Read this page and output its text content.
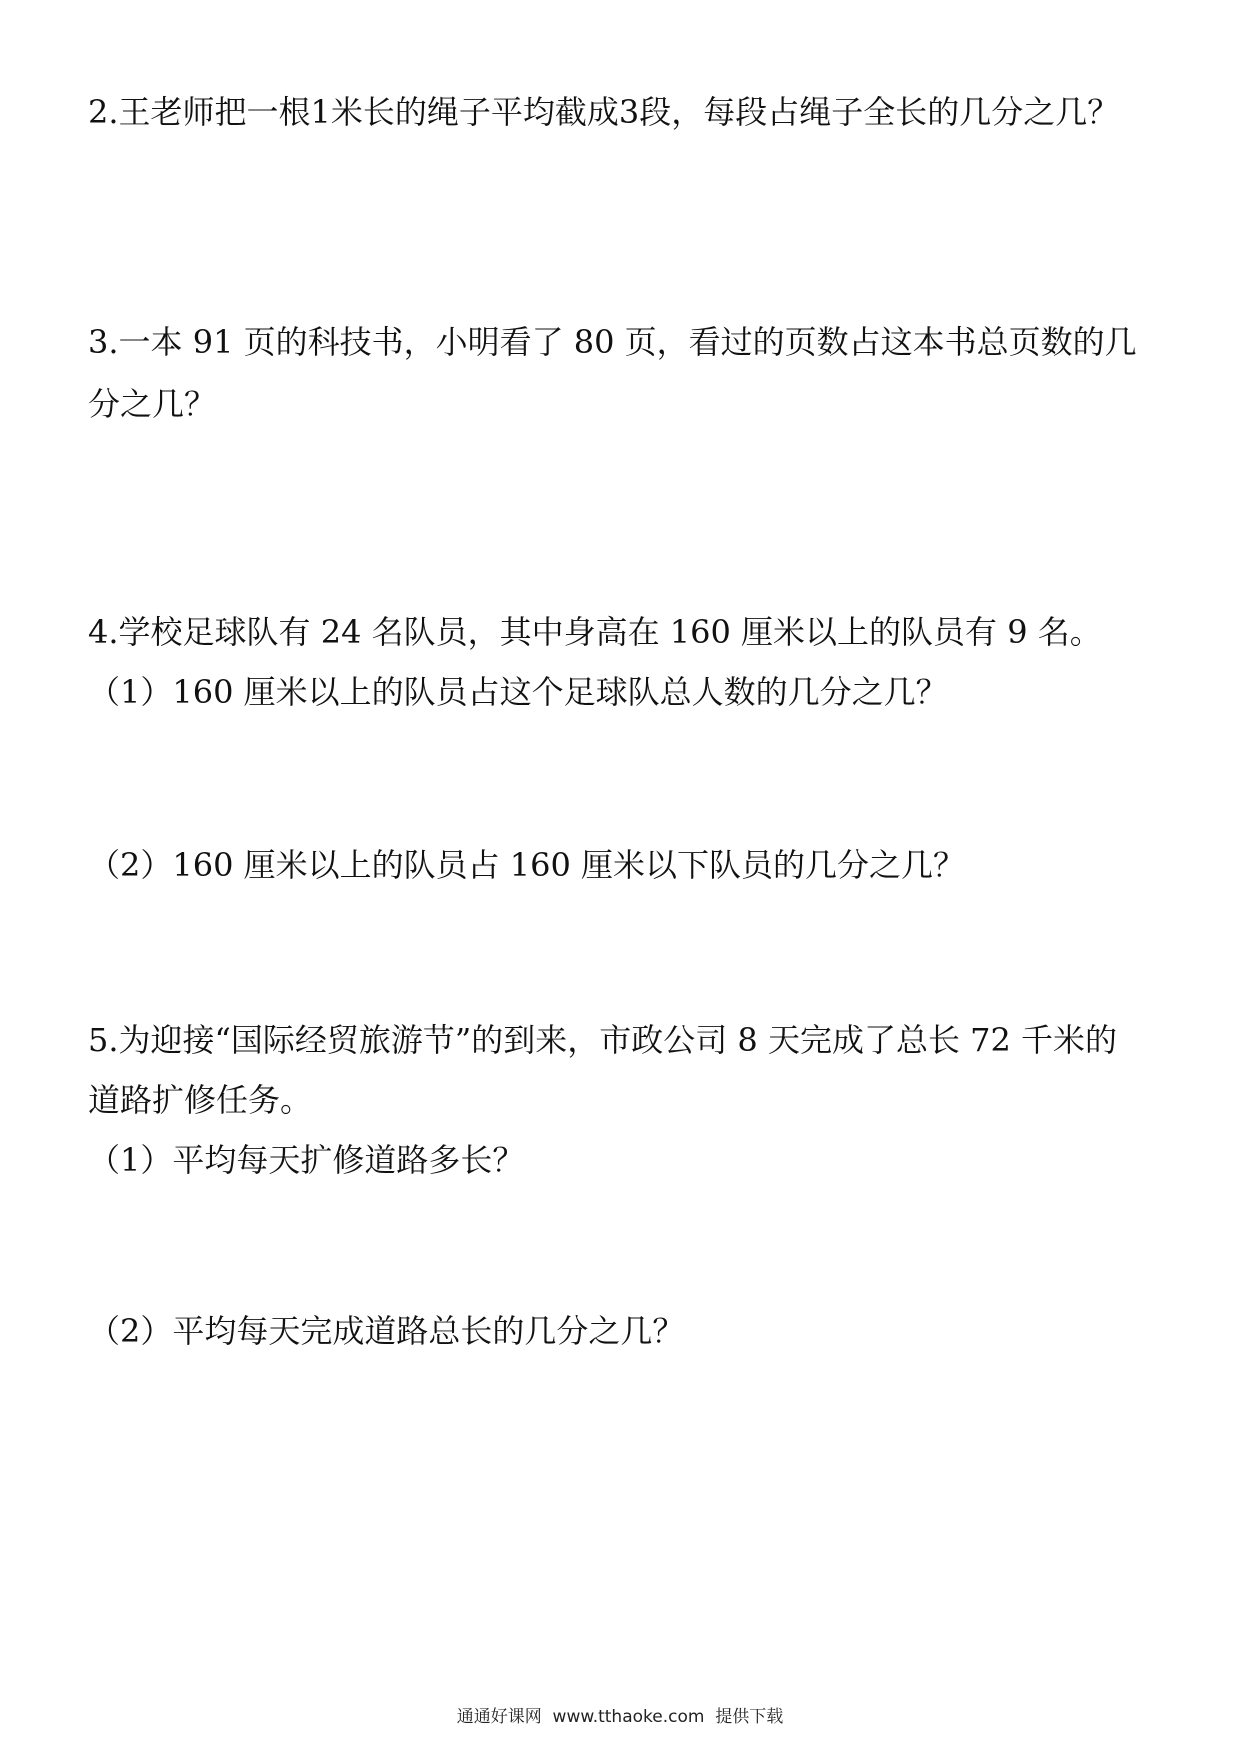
2.王老师把一根1米长的绳子平均截成3段，每段占绳子全长的几分之几？
3.一本 91 页的科技书，小明看了 80 页，看过的页数占这本书总页数的几
分之几？
4.学校足球队有 24 名队员，其中身高在 160 厘米以上的队员有 9 名。
（1）160 厘米以上的队员占这个足球队总人数的几分之几？
（2）160 厘米以上的队员占 160 厘米以下队员的几分之几？
5.为迎接“国际经贸旅游节”的到来，市政公司 8 天完成了总长 72 千米的
道路扩修任务。
（1）平均每天扩修道路多长？
（2）平均每天完成道路总长的几分之几？
通通好课网  www.tthaoke.com  提供下载
